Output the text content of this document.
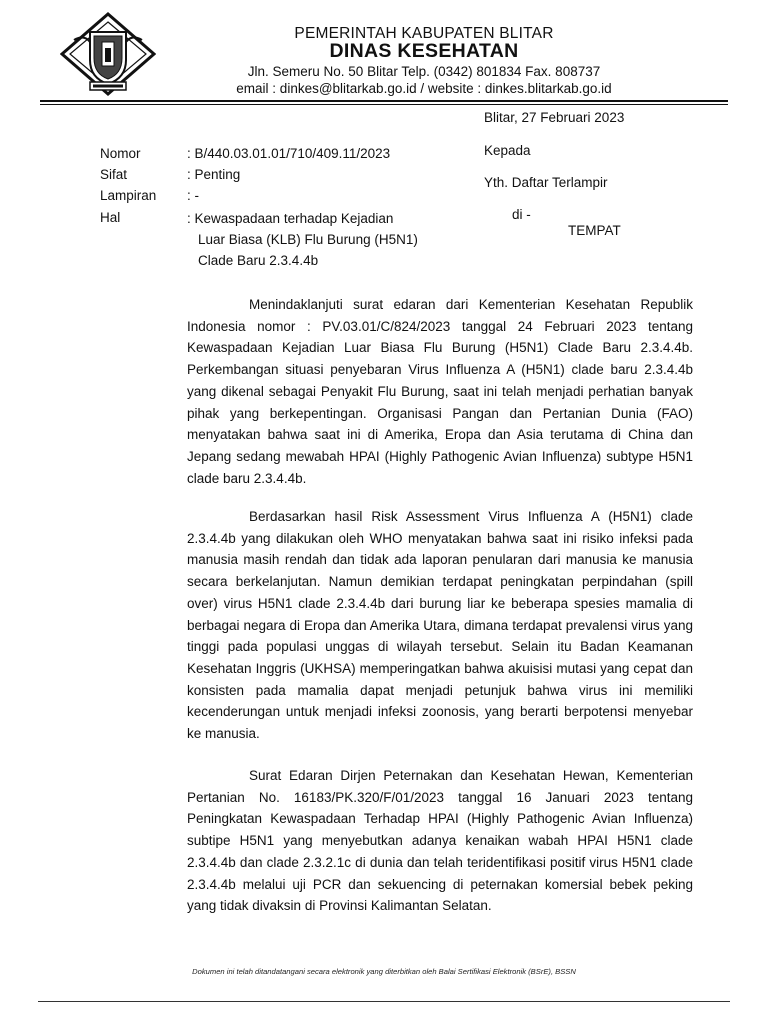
PEMERINTAH KABUPATEN BLITAR
DINAS KESEHATAN
Jln. Semeru No. 50 Blitar Telp. (0342) 801834 Fax. 808737
email : dinkes@blitarkab.go.id / website : dinkes.blitarkab.go.id
Blitar, 27 Februari 2023
Nomor	: B/440.03.01.01/710/409.11/2023
Sifat	: Penting
Lampiran : -
Hal	: Kewaspadaan terhadap Kejadian
Luar Biasa (KLB) Flu Burung (H5N1)
Clade Baru 2.3.4.4b
Kepada
Yth. Daftar Terlampir
di -
TEMPAT

Menindaklanjuti surat edaran dari Kementerian Kesehatan Republik Indonesia nomor : PV.03.01/C/824/2023 tanggal 24 Februari 2023 tentang Kewaspadaan Kejadian Luar Biasa Flu Burung (H5N1) Clade Baru 2.3.4.4b. Perkembangan situasi penyebaran Virus Influenza A (H5N1) clade baru 2.3.4.4b yang dikenal sebagai Penyakit Flu Burung, saat ini telah menjadi perhatian banyak pihak yang berkepentingan. Organisasi Pangan dan Pertanian Dunia (FAO) menyatakan bahwa saat ini di Amerika, Eropa dan Asia terutama di China dan Jepang sedang mewabah HPAI (Highly Pathogenic Avian Influenza) subtype H5N1 clade baru 2.3.4.4b.

Berdasarkan hasil Risk Assessment Virus Influenza A (H5N1) clade 2.3.4.4b yang dilakukan oleh WHO menyatakan bahwa saat ini risiko infeksi pada manusia masih rendah dan tidak ada laporan penularan dari manusia ke manusia secara berkelanjutan. Namun demikian terdapat peningkatan perpindahan (spill over) virus H5N1 clade 2.3.4.4b dari burung liar ke beberapa spesies mamalia di berbagai negara di Eropa dan Amerika Utara, dimana terdapat prevalensi virus yang tinggi pada populasi unggas di wilayah tersebut. Selain itu Badan Keamanan Kesehatan Inggris (UKHSA) memperingatkan bahwa akuisisi mutasi yang cepat dan konsisten pada mamalia dapat menjadi petunjuk bahwa virus ini memiliki kecenderungan untuk menjadi infeksi zoonosis, yang berarti berpotensi menyebar ke manusia.

Surat Edaran Dirjen Peternakan dan Kesehatan Hewan, Kementerian Pertanian No. 16183/PK.320/F/01/2023 tanggal 16 Januari 2023 tentang Peningkatan Kewaspadaan Terhadap HPAI (Highly Pathogenic Avian Influenza) subtipe H5N1 yang menyebutkan adanya kenaikan wabah HPAI H5N1 clade 2.3.4.4b dan clade 2.3.2.1c di dunia dan telah teridentifikasi positif virus H5N1 clade 2.3.4.4b melalui uji PCR dan sekuencing di peternakan komersial bebek peking yang tidak divaksin di Provinsi Kalimantan Selatan.

Dokumen ini telah ditandatangani secara elektronik yang diterbitkan oleh Balai Sertifikasi Elektronik (BSrE), BSSN
